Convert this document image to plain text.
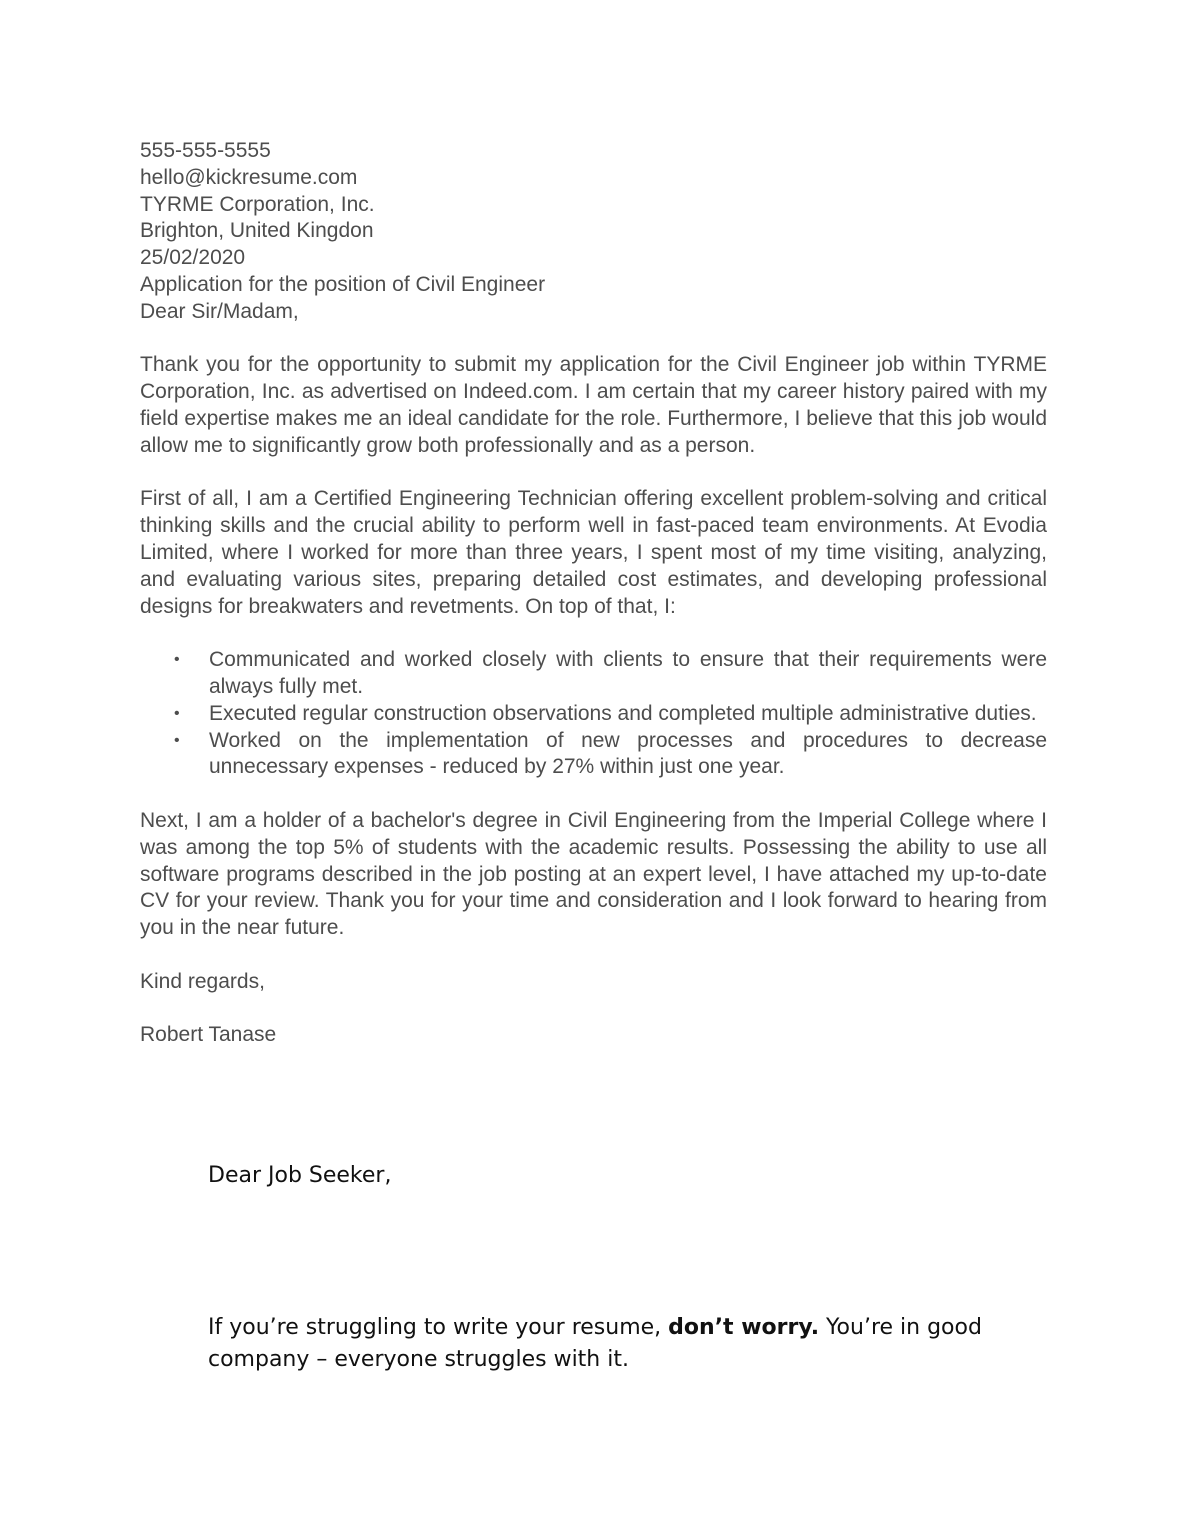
555-555-5555
hello@kickresume.com
TYRME Corporation, Inc.
Brighton, United Kingdon
25/02/2020
Application for the position of Civil Engineer
Dear Sir/Madam,

Thank you for the opportunity to submit my application for the Civil Engineer job within TYRME Corporation, Inc. as advertised on Indeed.com. I am certain that my career history paired with my field expertise makes me an ideal candidate for the role. Furthermore, I believe that this job would allow me to significantly grow both professionally and as a person.

First of all, I am a Certified Engineering Technician offering excellent problem-solving and critical thinking skills and the crucial ability to perform well in fast-paced team environments. At Evodia Limited, where I worked for more than three years, I spent most of my time visiting, analyzing, and evaluating various sites, preparing detailed cost estimates, and developing professional designs for breakwaters and revetments. On top of that, I:

• Communicated and worked closely with clients to ensure that their requirements were always fully met.
• Executed regular construction observations and completed multiple administrative duties.
• Worked on the implementation of new processes and procedures to decrease unnecessary expenses - reduced by 27% within just one year.

Next, I am a holder of a bachelor's degree in Civil Engineering from the Imperial College where I was among the top 5% of students with the academic results. Possessing the ability to use all software programs described in the job posting at an expert level, I have attached my up-to-date CV for your review. Thank you for your time and consideration and I look forward to hearing from you in the near future.

Kind regards,

Robert Tanase

Dear Job Seeker,
If you’re struggling to write your resume, don’t worry. You’re in good company – everyone struggles with it.
